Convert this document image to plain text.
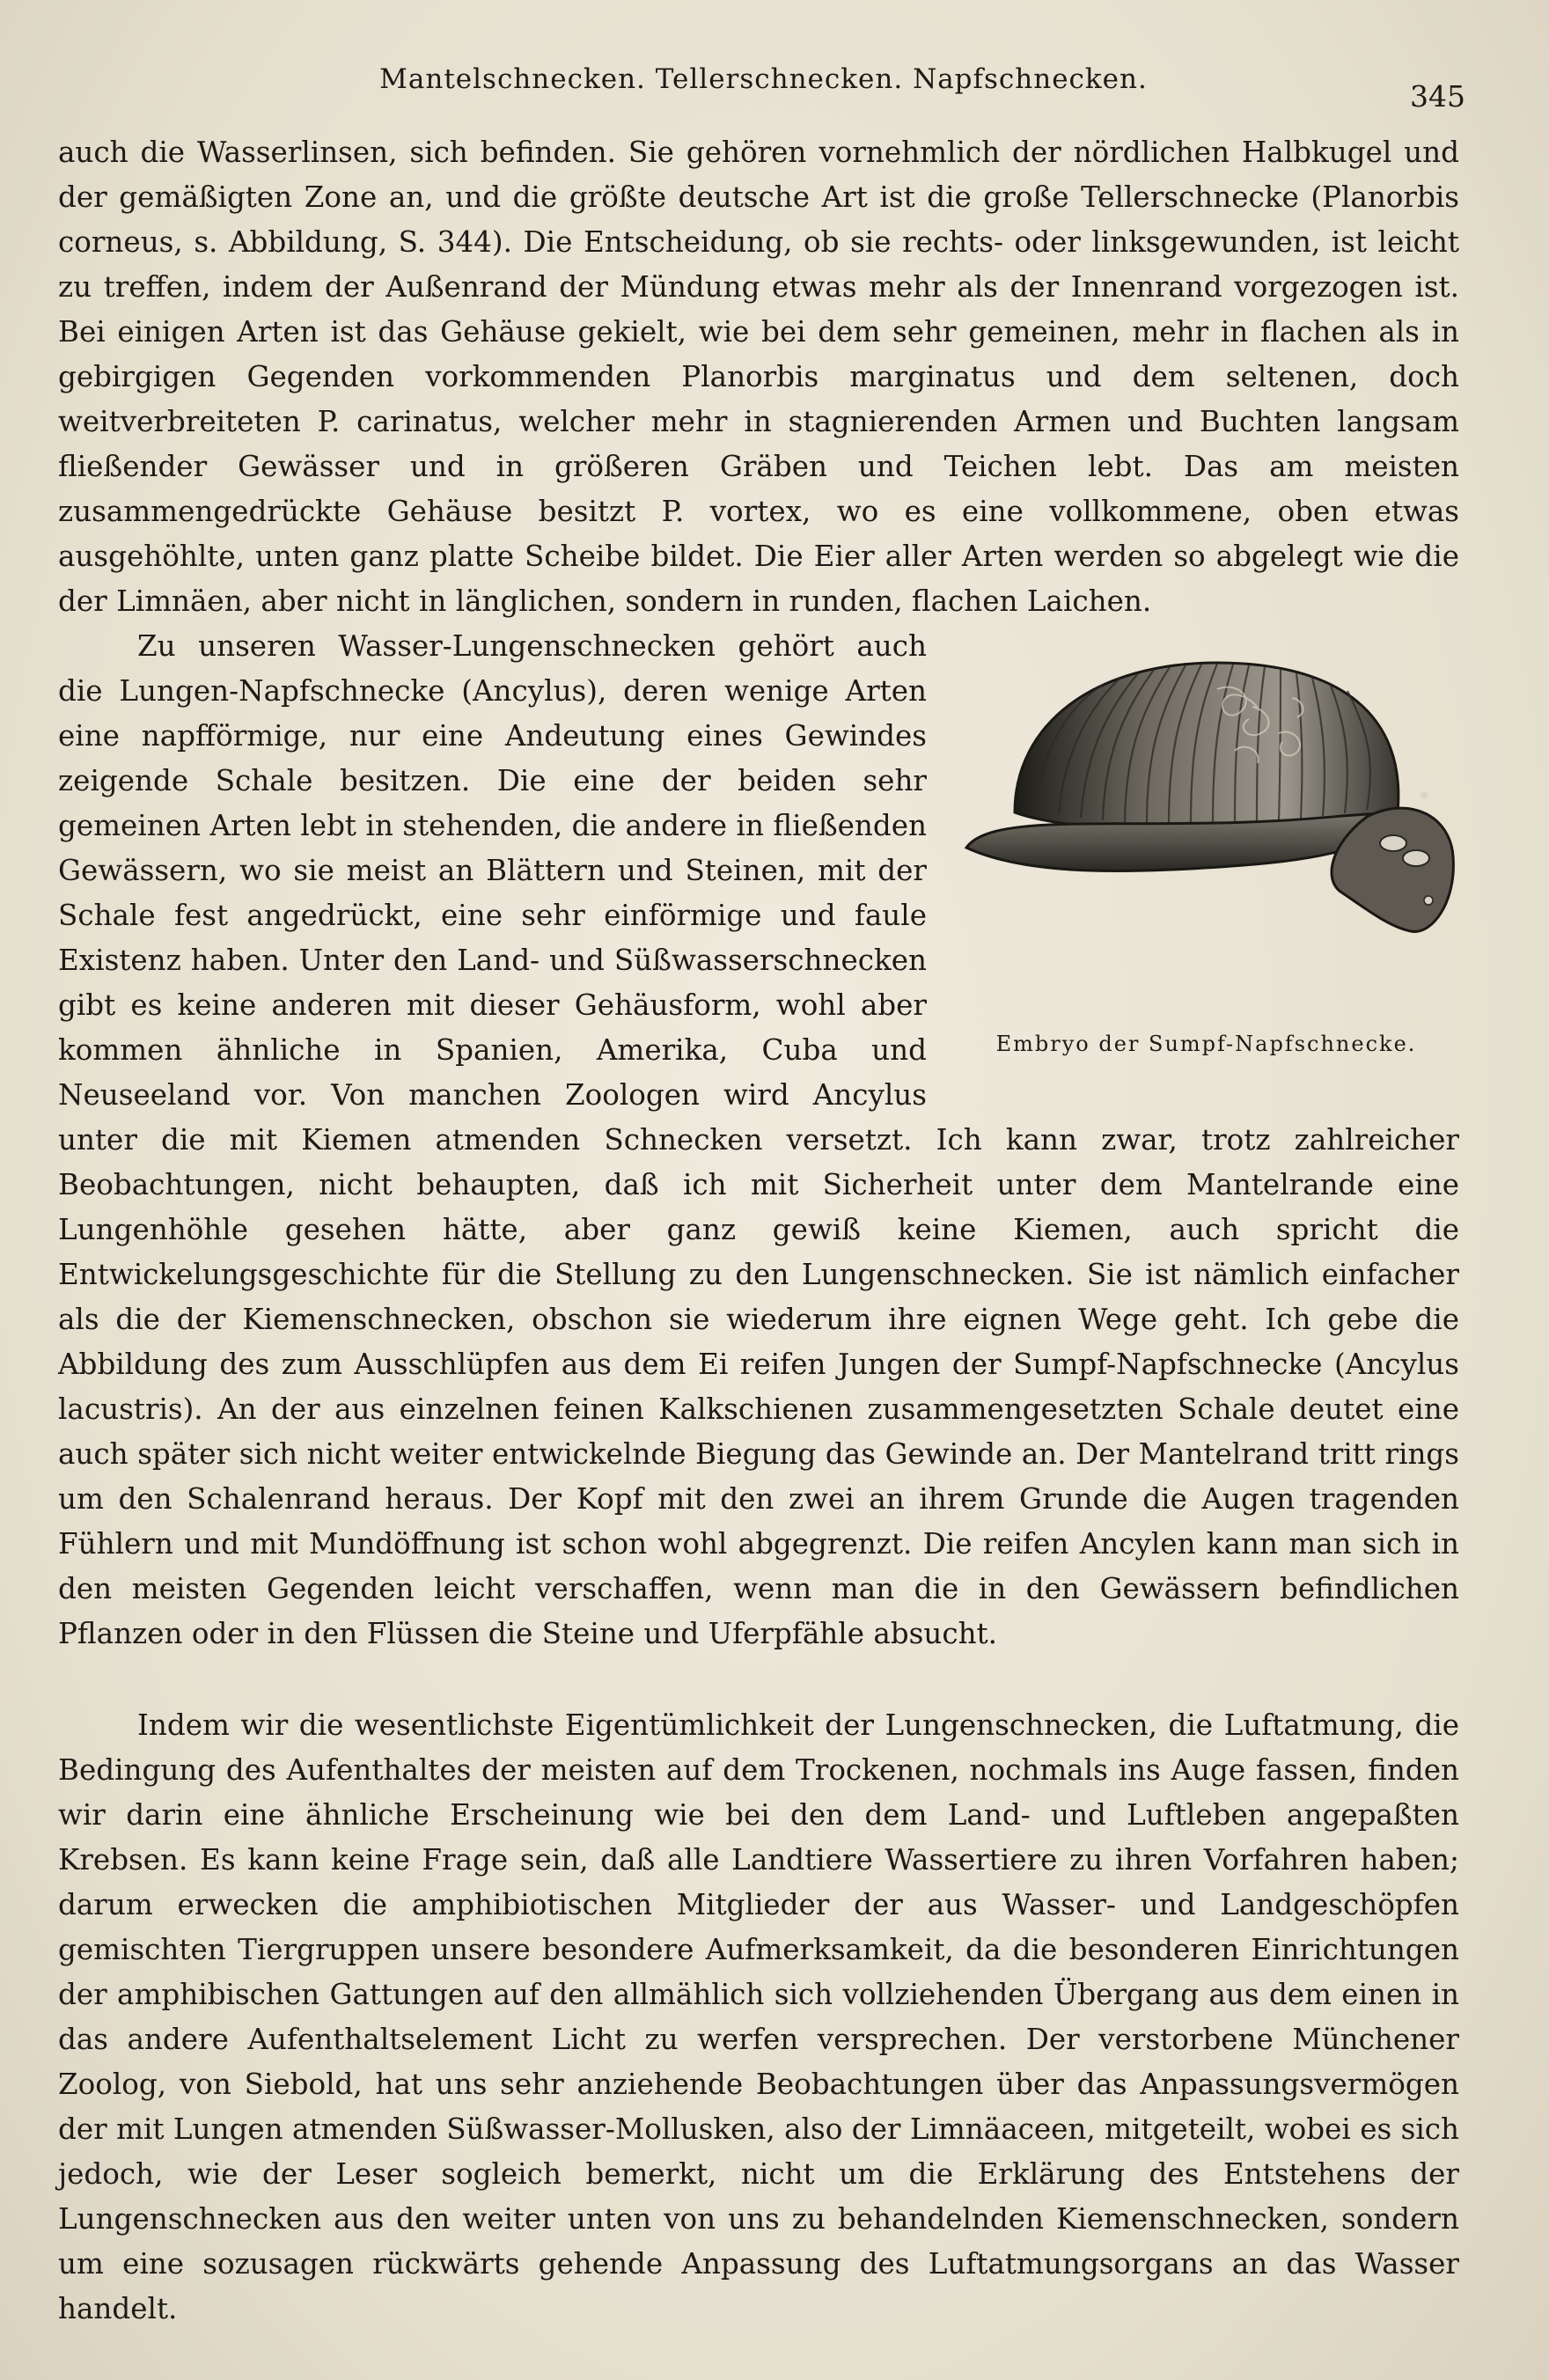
Mantelschnecken. Tellerschnecken. Napfschnecken.	345

auch die Wasserlinsen, sich befinden. Sie gehören vornehmlich der nördlichen Halbkugel und der gemäßigten Zone an, und die größte deutsche Art ist die große Tellerschnecke (Planorbis corneus, s. Abbildung, S. 344). Die Entscheidung, ob sie rechts- oder linksgewunden, ist leicht zu treffen, indem der Außenrand der Mündung etwas mehr als der Innenrand vorgezogen ist. Bei einigen Arten ist das Gehäuse gekielt, wie bei dem sehr gemeinen, mehr in flachen als in gebirgigen Gegenden vorkommenden Planorbis marginatus und dem seltenen, doch weitverbreiteten P. carinatus, welcher mehr in stagnierenden Armen und Buchten langsam fließender Gewässer und in größeren Gräben und Teichen lebt. Das am meisten zusammengedrückte Gehäuse besitzt P. vortex, wo es eine vollkommene, oben etwas ausgehöhlte, unten ganz platte Scheibe bildet. Die Eier aller Arten werden so abgelegt wie die der Limnäen, aber nicht in länglichen, sondern in runden, flachen Laichen.

Embryo der Sumpf-Napfschnecke.

Zu unseren Wasser-Lungenschnecken gehört auch die Lungen-Napfschnecke (Ancylus), deren wenige Arten eine napfförmige, nur eine Andeutung eines Gewindes zeigende Schale besitzen. Die eine der beiden sehr gemeinen Arten lebt in stehenden, die andere in fließenden Gewässern, wo sie meist an Blättern und Steinen, mit der Schale fest angedrückt, eine sehr einförmige und faule Existenz haben. Unter den Land- und Süßwasserschnecken gibt es keine anderen mit dieser Gehäusform, wohl aber kommen ähnliche in Spanien, Amerika, Cuba und Neuseeland vor. Von manchen Zoologen wird Ancylus unter die mit Kiemen atmenden Schnecken versetzt. Ich kann zwar, trotz zahlreicher Beobachtungen, nicht behaupten, daß ich mit Sicherheit unter dem Mantelrande eine Lungenhöhle gesehen hätte, aber ganz gewiß keine Kiemen, auch spricht die Entwickelungsgeschichte für die Stellung zu den Lungenschnecken. Sie ist nämlich einfacher als die der Kiemenschnecken, obschon sie wiederum ihre eignen Wege geht. Ich gebe die Abbildung des zum Ausschlüpfen aus dem Ei reifen Jungen der Sumpf-Napfschnecke (Ancylus lacustris). An der aus einzelnen feinen Kalkschienen zusammengesetzten Schale deutet eine auch später sich nicht weiter entwickelnde Biegung das Gewinde an. Der Mantelrand tritt rings um den Schalenrand heraus. Der Kopf mit den zwei an ihrem Grunde die Augen tragenden Fühlern und mit Mundöffnung ist schon wohl abgegrenzt. Die reifen Ancylen kann man sich in den meisten Gegenden leicht verschaffen, wenn man die in den Gewässern befindlichen Pflanzen oder in den Flüssen die Steine und Uferpfähle absucht.

Indem wir die wesentlichste Eigentümlichkeit der Lungenschnecken, die Luftatmung, die Bedingung des Aufenthaltes der meisten auf dem Trockenen, nochmals ins Auge fassen, finden wir darin eine ähnliche Erscheinung wie bei den dem Land- und Luftleben angepaßten Krebsen. Es kann keine Frage sein, daß alle Landtiere Wassertiere zu ihren Vorfahren haben; darum erwecken die amphibiotischen Mitglieder der aus Wasser- und Landgeschöpfen gemischten Tiergruppen unsere besondere Aufmerksamkeit, da die besonderen Einrichtungen der amphibischen Gattungen auf den allmählich sich vollziehenden Übergang aus dem einen in das andere Aufenthaltselement Licht zu werfen versprechen. Der verstorbene Münchener Zoolog, von Siebold, hat uns sehr anziehende Beobachtungen über das Anpassungsvermögen der mit Lungen atmenden Süßwasser-Mollusken, also der Limnäaceen, mitgeteilt, wobei es sich jedoch, wie der Leser sogleich bemerkt, nicht um die Erklärung des Entstehens der Lungenschnecken aus den weiter unten von uns zu behandelnden Kiemenschnecken, sondern um eine sozusagen rückwärts gehende Anpassung des Luftatmungsorgans an das Wasser handelt.
